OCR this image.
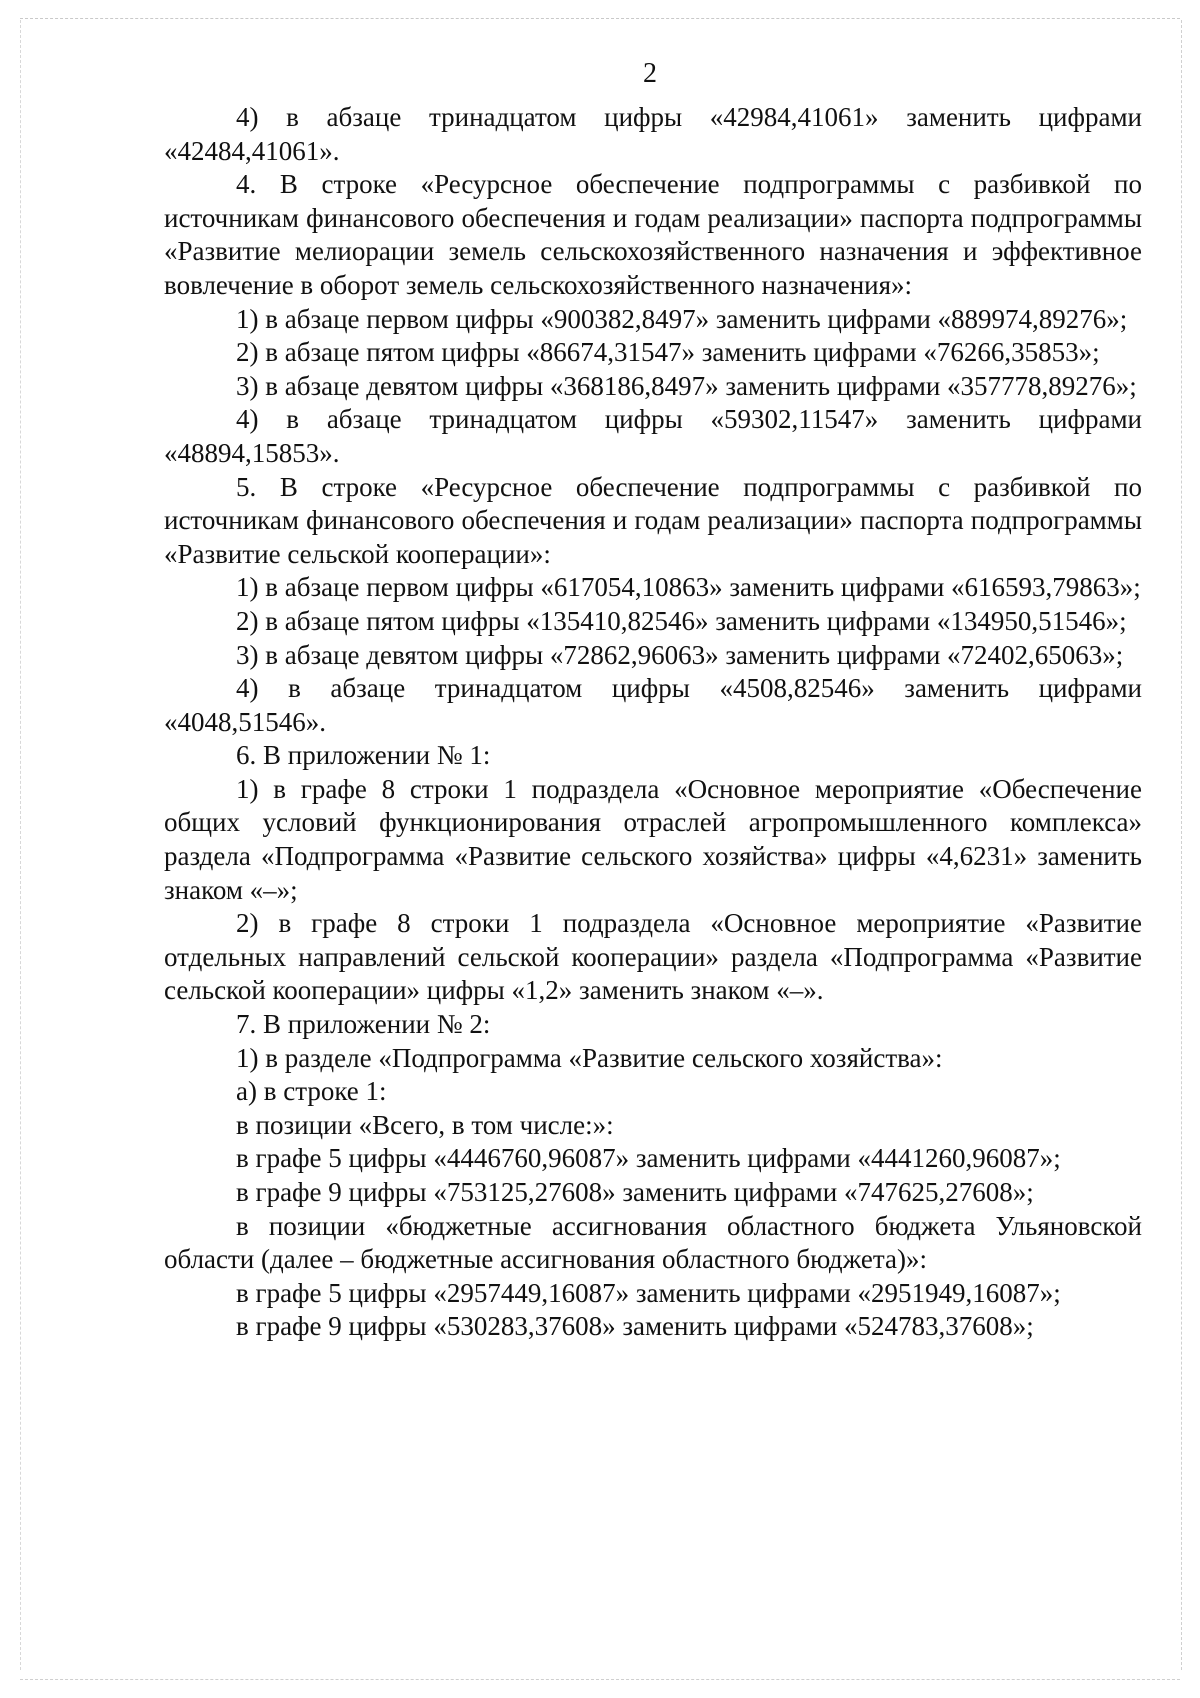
2

4) в абзаце тринадцатом цифры «42984,41061» заменить цифрами «42484,41061».

4. В строке «Ресурсное обеспечение подпрограммы с разбивкой по источникам финансового обеспечения и годам реализации» паспорта подпрограммы «Развитие мелиорации земель сельскохозяйственного назначения и эффективное вовлечение в оборот земель сельскохозяйственного назначения»:

1) в абзаце первом цифры «900382,8497» заменить цифрами «889974,89276»;

2) в абзаце пятом цифры «86674,31547» заменить цифрами «76266,35853»;

3) в абзаце девятом цифры «368186,8497» заменить цифрами «357778,89276»;

4) в абзаце тринадцатом цифры «59302,11547» заменить цифрами «48894,15853».

5. В строке «Ресурсное обеспечение подпрограммы с разбивкой по источникам финансового обеспечения и годам реализации» паспорта подпрограммы «Развитие сельской кооперации»:

1) в абзаце первом цифры «617054,10863» заменить цифрами «616593,79863»;

2) в абзаце пятом цифры «135410,82546» заменить цифрами «134950,51546»;

3) в абзаце девятом цифры «72862,96063» заменить цифрами «72402,65063»;

4) в абзаце тринадцатом цифры «4508,82546» заменить цифрами «4048,51546».

6. В приложении № 1:

1) в графе 8 строки 1 подраздела «Основное мероприятие «Обеспечение общих условий функционирования отраслей агропромышленного комплекса» раздела «Подпрограмма «Развитие сельского хозяйства» цифры «4,6231» заменить знаком «–»;

2) в графе 8 строки 1 подраздела «Основное мероприятие «Развитие отдельных направлений сельской кооперации» раздела «Подпрограмма «Развитие сельской кооперации» цифры «1,2» заменить знаком «–».

7. В приложении № 2:

1) в разделе «Подпрограмма «Развитие сельского хозяйства»:

а) в строке 1:

в позиции «Всего, в том числе:»:

в графе 5 цифры «4446760,96087» заменить цифрами «4441260,96087»;

в графе 9 цифры «753125,27608» заменить цифрами «747625,27608»;

в позиции «бюджетные ассигнования областного бюджета Ульяновской области (далее – бюджетные ассигнования областного бюджета)»:

в графе 5 цифры «2957449,16087» заменить цифрами «2951949,16087»;

в графе 9 цифры «530283,37608» заменить цифрами «524783,37608»;
